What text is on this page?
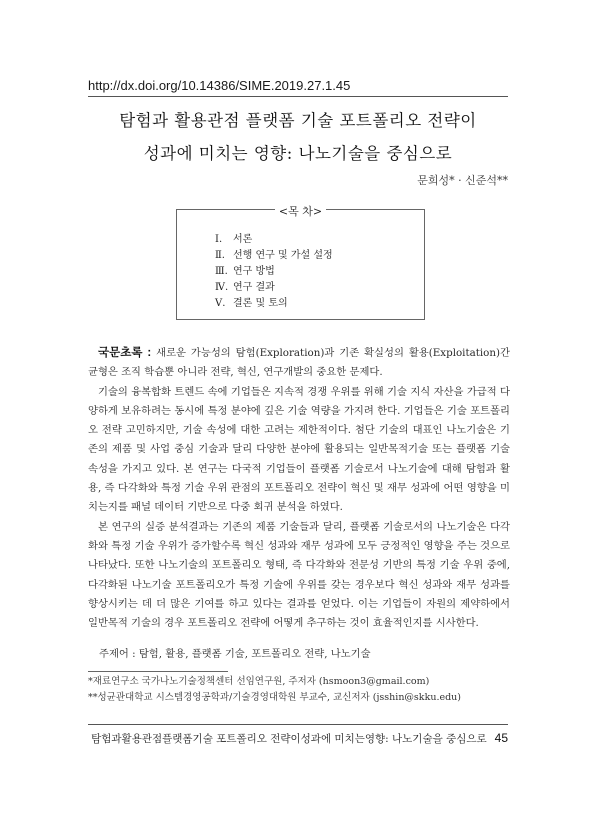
http://dx.doi.org/10.14386/SIME.2019.27.1.45
탐험과 활용관점 플랫폼 기술 포트폴리오 전략이
성과에 미치는 영향: 나노기술을 중심으로
문희성* · 신준석**
<목 차>
Ⅰ. 서론
Ⅱ. 선행 연구 및 가설 설정
Ⅲ. 연구 방법
Ⅳ. 연구 결과
Ⅴ. 결론 및 토의

국문초록 : 새로운 가능성의 탐험(Exploration)과 기존 확실성의 활용(Exploitation)간 균형은 조직 학습뿐 아니라 전략, 혁신, 연구개발의 중요한 문제다.

기술의 융복합화 트렌드 속에 기업들은 지속적 경쟁 우위를 위해 기술 지식 자산을 가급적 다양하게 보유하려는 동시에 특정 분야에 깊은 기술 역량을 가지려 한다. 기업들은 기술 포트폴리오 전략 고민하지만, 기술 속성에 대한 고려는 제한적이다. 첨단 기술의 대표인 나노기술은 기존의 제품 및 사업 중심 기술과 달리 다양한 분야에 활용되는 일반목적기술 또는 플랫폼 기술 속성을 가지고 있다. 본 연구는 다국적 기업들이 플랫폼 기술로서 나노기술에 대해 탐험과 활용, 즉 다각화와 특정 기술 우위 관점의 포트폴리오 전략이 혁신 및 재무 성과에 어떤 영향을 미치는지를 패널 데이터 기반으로 다중 회귀 분석을 하였다.

본 연구의 실증 분석결과는 기존의 제품 기술들과 달리, 플랫폼 기술로서의 나노기술은 다각화와 특정 기술 우위가 증가할수록 혁신 성과와 재무 성과에 모두 긍정적인 영향을 주는 것으로 나타났다. 또한 나노기술의 포트폴리오 형태, 즉 다각화와 전문성 기반의 특정 기술 우위 중에, 다각화된 나노기술 포트폴리오가 특정 기술에 우위를 갖는 경우보다 혁신 성과와 재무 성과를 향상시키는 데 더 많은 기여를 하고 있다는 결과를 얻었다. 이는 기업들이 자원의 제약하에서 일반목적 기술의 경우 포트폴리오 전략에 어떻게 추구하는 것이 효율적인지를 시사한다.

주제어 : 탐험, 활용, 플랫폼 기술, 포트폴리오 전략, 나노기술
*재료연구소 국가나노기술정책센터 선임연구원, 주저자 (hsmoon3@gmail.com)
**성균관대학교 시스템경영공학과/기술경영대학원 부교수, 교신저자 (jsshin@skku.edu)
탐험과활용관점플랫폼기술 포트폴리오 전략이성과에 미치는영향: 나노기술을 중심으로 45
